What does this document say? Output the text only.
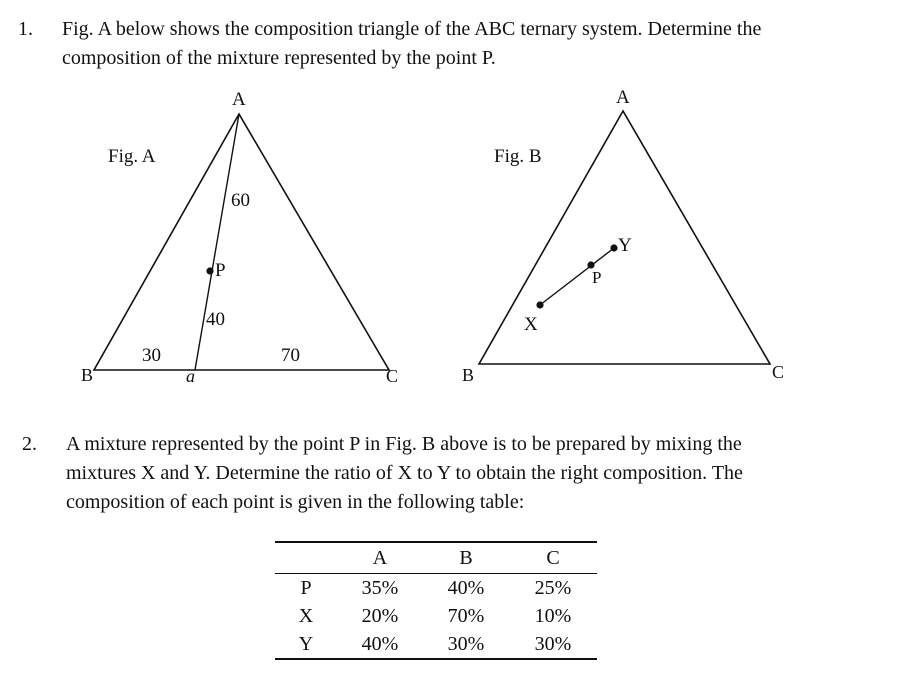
1. Fig. A below shows the composition triangle of the ABC ternary system. Determine the
composition of the mixture represented by the point P.
A
B	C
Fig. A
60
P
40
30	70
a
A
B	C
Fig. B
Y
P
X
2. A mixture represented by the point P in Fig. B above is to be prepared by mixing the
mixtures X and Y. Determine the ratio of X to Y to obtain the right composition. The
composition of each point is given in the following table:
	A	B	C
P	35%	40%	25%
X	20%	70%	10%
Y	40%	30%	30%
